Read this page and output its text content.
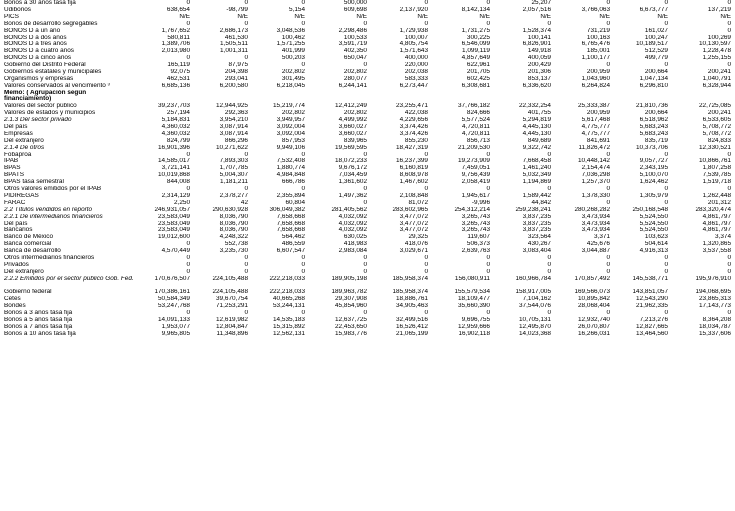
Bonos a 30 años tasa fija	0	0	0	500,000	0	0	25,207	0	0	0
Udibonos	638,654	-98,799	5,154	609,698	2,137,920	8,142,134	2,057,516	3,766,063	6,673,777	137,219
PICS	N/E	N/E	N/E	N/E	N/E	N/E	N/E	N/E	N/E	N/E
Bonos de desarrollo segregables	0	0	0	0	0	0	0	0	0	0
BONOS D a un año	1,767,652	2,686,173	3,048,536	2,298,486	1,729,938	1,731,275	1,528,374	731,219	161,027	0
BONOS D a dos años	580,811	461,530	100,462	100,533	100,007	300,225	100,141	100,163	100,247	100,269
BONOS D a tres años	1,389,706	1,505,511	1,571,255	3,591,719	4,805,754	6,546,099	6,826,901	6,765,476	10,189,517	10,130,597
BONOS D a cuatro años	2,013,980	1,001,311	401,999	402,350	1,571,643	1,099,119	149,918	185,001	512,529	1,228,478
BONOS D a cinco años	0	0	500,203	650,047	400,000	4,857,649	400,059	1,100,177	499,779	1,255,155
Gobierno del Distrito Federal	165,119	87,975	0	0	220,000	622,961	200,429	0	0	0
Gobiernos estatales y municipales	92,075	204,398	202,802	202,802	202,038	201,705	201,306	200,959	200,664	200,241
Organismos y empresas	462,531	293,041	301,495	280,077	583,333	602,425	853,137	1,043,960	1,047,134	1,040,791
Valores conservados al vencimiento ³	6,685,136	6,200,580	6,218,045	6,244,141	6,273,447	6,308,681	6,336,620	6,264,824	6,296,810	6,328,944
Memo: ( Agrupación según financiamiento)										
Valores del sector público	39,237,703	12,944,925	15,219,774	12,412,249	23,255,471	37,766,182	22,332,254	25,333,387	21,810,736	22,725,085
Valores de estados y municipios	257,194	292,363	202,802	202,802	422,038	824,666	401,755	200,959	200,664	200,241
2.1.3 Del sector privado	5,184,831	3,954,210	3,949,957	4,499,992	4,229,656	5,577,524	5,294,819	5,617,468	6,518,962	6,533,605
Del país	4,360,032	3,087,914	3,092,004	3,660,027	3,374,426	4,720,811	4,445,130	4,775,777	5,683,243	5,708,772
Empresas	4,360,032	3,087,914	3,092,004	3,660,027	3,374,426	4,720,811	4,445,130	4,775,777	5,683,243	5,708,772
Del extranjero	824,799	866,296	857,953	839,965	855,230	856,713	849,689	841,691	835,719	824,833
2.1.4 De otros	16,901,396	10,271,622	9,949,106	19,569,595	18,427,319	21,209,530	9,322,742	11,826,472	10,373,706	12,330,521
Fobaproa	0	0	0	0	0	0	0	0	0	0
IPAB	14,585,017	7,893,303	7,532,408	18,072,233	16,237,399	19,273,909	7,668,458	10,448,142	9,057,727	10,866,761
BPAS	3,721,141	1,707,785	1,880,774	9,676,172	6,160,819	7,459,051	1,461,240	2,154,474	2,343,195	1,807,258
BPATS	10,019,868	5,004,307	4,984,848	7,034,459	8,608,978	9,756,439	5,032,349	7,036,298	5,100,070	7,539,785
BPAS tasa semestral	844,008	1,181,211	666,786	1,361,602	1,467,602	2,058,419	1,194,869	1,257,370	1,624,462	1,519,718
Otros valores emitidos por el IPAB	0	0	0	0	0	0	0	0	0	0
PIDIREGAS	2,314,129	2,378,277	2,355,894	1,497,362	2,108,848	1,945,617	1,589,442	1,378,330	1,305,979	1,262,448
FARAC	2,250	42	60,804	0	81,072	-9,996	44,842	0	0	201,312
2.2 Títulos vendidos en reporto	246,931,057	290,630,928	306,049,382	281,405,562	283,602,965	254,312,214	259,238,241	280,268,282	250,168,548	283,320,474
2.2.1 De intermediarios financieros	23,583,049	8,036,790	7,658,668	4,032,092	3,477,072	3,265,743	3,837,235	3,473,934	5,524,550	4,861,797
Del país	23,583,049	8,036,790	7,658,668	4,032,092	3,477,072	3,265,743	3,837,235	3,473,934	5,524,550	4,861,797
Bancarios	23,583,049	8,036,790	7,658,668	4,032,092	3,477,072	3,265,743	3,837,235	3,473,934	5,524,550	4,861,797
Banco de México	19,012,600	4,248,322	564,462	630,025	29,325	119,607	323,564	3,371	103,623	3,374
Banca comercial	0	552,738	486,559	418,983	418,076	506,373	430,267	425,676	504,614	1,320,865
Banca de desarrollo	4,570,449	3,235,730	6,607,547	2,983,084	3,029,671	2,639,763	3,083,404	3,044,887	4,916,313	3,537,558
Otros intermediarios financieros	0	0	0	0	0	0	0	0	0	0
Privados	0	0	0	0	0	0	0	0	0	0
Del extranjero	0	0	0	0	0	0	0	0	0	0
2.2.2 Emitidos por el sector público Gob. Fed.	170,676,507	224,105,488	222,218,033	189,905,198	185,958,374	156,080,911	160,966,784	170,857,492	145,538,771	195,976,910
Gobierno federal	170,386,161	224,105,488	222,218,033	189,963,782	185,958,374	155,579,534	158,917,005	169,566,073	143,851,057	194,068,695
Cetes	50,584,349	39,670,754	40,665,268	29,307,908	18,886,761	18,109,477	7,104,162	10,895,842	12,543,290	23,865,313
Bondes	53,247,768	71,253,291	53,244,131	45,854,960	34,905,463	35,660,390	37,544,076	28,068,404	21,962,335	17,143,773
Bonos a 3 años tasa fija	0	0	0	0	0	0	0	0	0	0
Bonos a 5 años tasa fija	14,091,133	12,619,982	14,535,183	12,637,725	32,499,516	9,696,755	10,705,131	12,932,740	7,213,276	8,364,208
Bonos a 7 años tasa fija	1,953,077	12,804,847	15,315,892	22,453,650	16,526,412	12,959,666	12,495,870	26,070,807	12,827,665	18,034,787
Bonos a 10 años tasa fija	9,965,805	11,348,896	12,562,131	15,983,776	21,065,199	16,902,118	14,023,368	16,266,031	13,464,560	15,337,606
